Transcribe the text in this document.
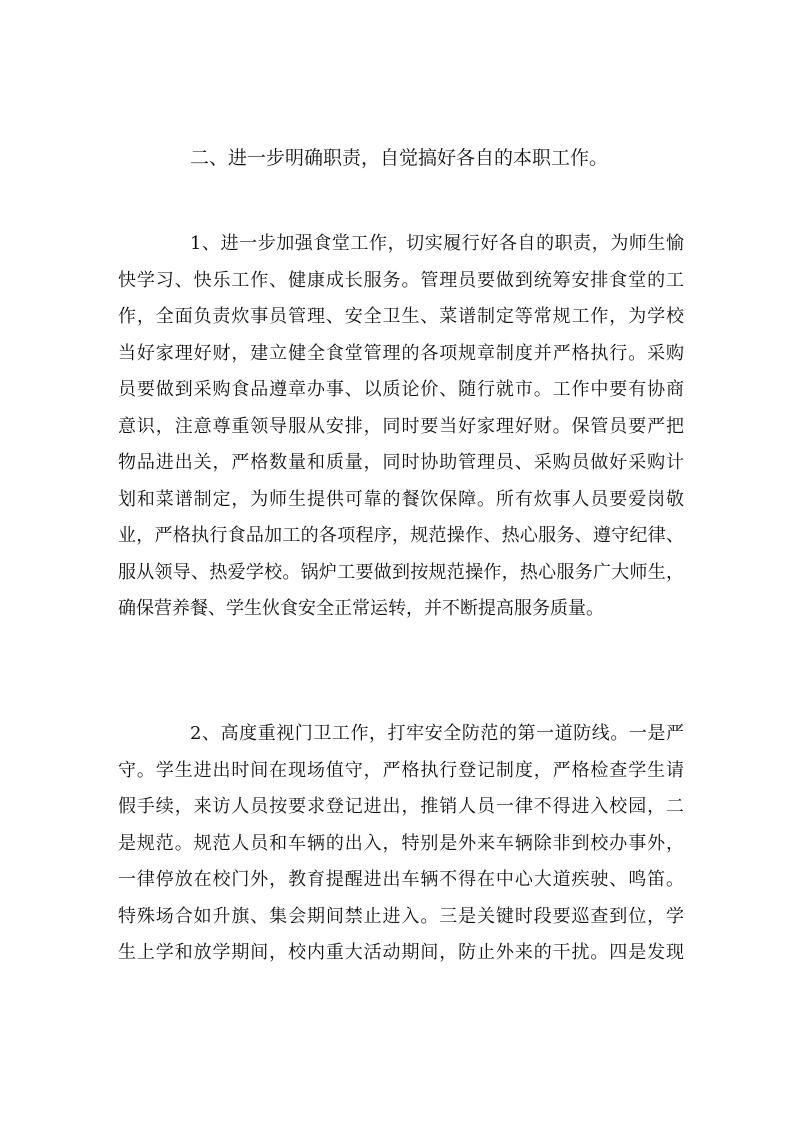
二、进一步明确职责，自觉搞好各自的本职工作。
1、进一步加强食堂工作，切实履行好各自的职责，为师生愉
快学习、快乐工作、健康成长服务。管理员要做到统筹安排食堂的工
作，全面负责炊事员管理、安全卫生、菜谱制定等常规工作，为学校
当好家理好财，建立健全食堂管理的各项规章制度并严格执行。采购
员要做到采购食品遵章办事、以质论价、随行就市。工作中要有协商
意识，注意尊重领导服从安排，同时要当好家理好财。保管员要严把
物品进出关，严格数量和质量，同时协助管理员、采购员做好采购计
划和菜谱制定，为师生提供可靠的餐饮保障。所有炊事人员要爱岗敬
业，严格执行食品加工的各项程序，规范操作、热心服务、遵守纪律、
服从领导、热爱学校。锅炉工要做到按规范操作，热心服务广大师生，
确保营养餐、学生伙食安全正常运转，并不断提高服务质量。
2、高度重视门卫工作，打牢安全防范的第一道防线。一是严
守。学生进出时间在现场值守，严格执行登记制度，严格检查学生请
假手续，来访人员按要求登记进出，推销人员一律不得进入校园，二
是规范。规范人员和车辆的出入，特别是外来车辆除非到校办事外，
一律停放在校门外，教育提醒进出车辆不得在中心大道疾驶、鸣笛。
特殊场合如升旗、集会期间禁止进入。三是关键时段要巡查到位，学
生上学和放学期间，校内重大活动期间，防止外来的干扰。四是发现
